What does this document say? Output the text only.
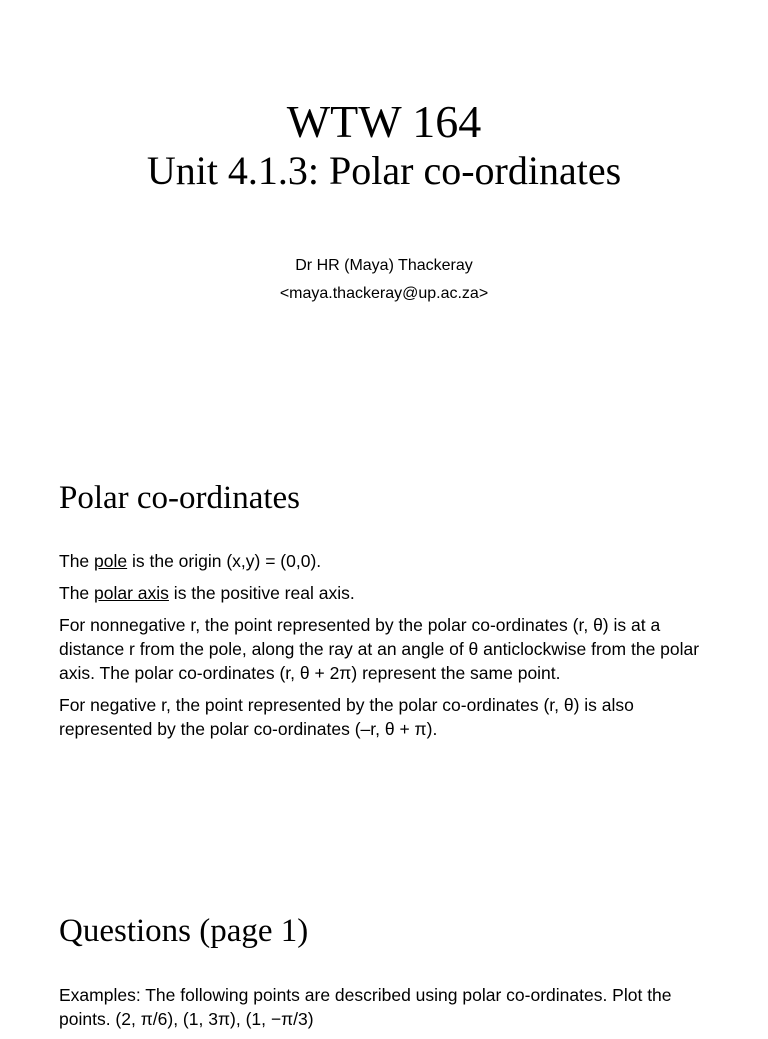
WTW 164
Unit 4.1.3: Polar co-ordinates
Dr HR (Maya) Thackeray
<maya.thackeray@up.ac.za>
Polar co-ordinates

The pole is the origin (x,y) = (0,0).

The polar axis is the positive real axis.

For nonnegative r, the point represented by the polar co-ordinates (r, θ) is at a distance r from the pole, along the ray at an angle of θ anticlockwise from the polar axis. The polar co-ordinates (r, θ + 2π) represent the same point.

For negative r, the point represented by the polar co-ordinates (r, θ) is also represented by the polar co-ordinates (–r, θ + π).

Questions (page 1)

Examples: The following points are described using polar co-ordinates. Plot the points. (2, π/6), (1, 3π), (1, −π/3)
